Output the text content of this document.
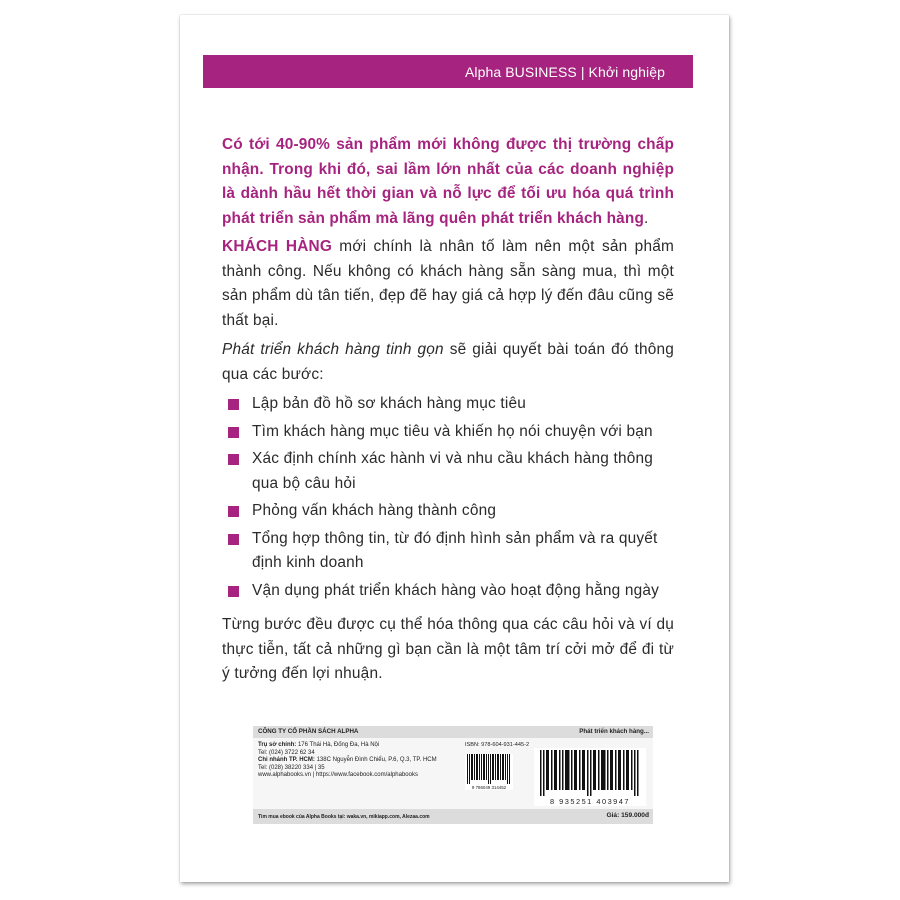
Alpha BUSINESS | Khởi nghiệp

Có tới 40-90% sản phẩm mới không được thị trường chấp nhận. Trong khi đó, sai lầm lớn nhất của các doanh nghiệp là dành hầu hết thời gian và nỗ lực để tối ưu hóa quá trình phát triển sản phẩm mà lãng quên phát triển khách hàng.

KHÁCH HÀNG mới chính là nhân tố làm nên một sản phẩm thành công. Nếu không có khách hàng sẵn sàng mua, thì một sản phẩm dù tân tiến, đẹp đẽ hay giá cả hợp lý đến đâu cũng sẽ thất bại.

Phát triển khách hàng tinh gọn sẽ giải quyết bài toán đó thông qua các bước:

Lập bản đồ hồ sơ khách hàng mục tiêu
Tìm khách hàng mục tiêu và khiến họ nói chuyện với bạn
Xác định chính xác hành vi và nhu cầu khách hàng thông qua bộ câu hỏi
Phỏng vấn khách hàng thành công
Tổng hợp thông tin, từ đó định hình sản phẩm và ra quyết định kinh doanh
Vận dụng phát triển khách hàng vào hoạt động hằng ngày

Từng bước đều được cụ thể hóa thông qua các câu hỏi và ví dụ thực tiễn, tất cả những gì bạn cần là một tâm trí cởi mở để đi từ ý tưởng đến lợi nhuận.

CÔNG TY CỔ PHẦN SÁCH ALPHA	Phát triển khách hàng...
Trụ sở chính: 176 Thái Hà, Đống Đa, Hà Nội
Tel: (024) 3722 62 34
Chi nhánh TP. HCM: 138C Nguyễn Đình Chiểu, P.6, Q.3, TP. HCM
Tel: (028) 38220 334 | 35
www.alphabooks.vn | https://www.facebook.com/alphabooks
ISBN: 978-604-931-445-2
9 786049 314452
8 935251 403947
Tìm mua ebook của Alpha Books tại: waka.vn, mikiapp.com, Alezaa.com	Giá: 159.000đ
